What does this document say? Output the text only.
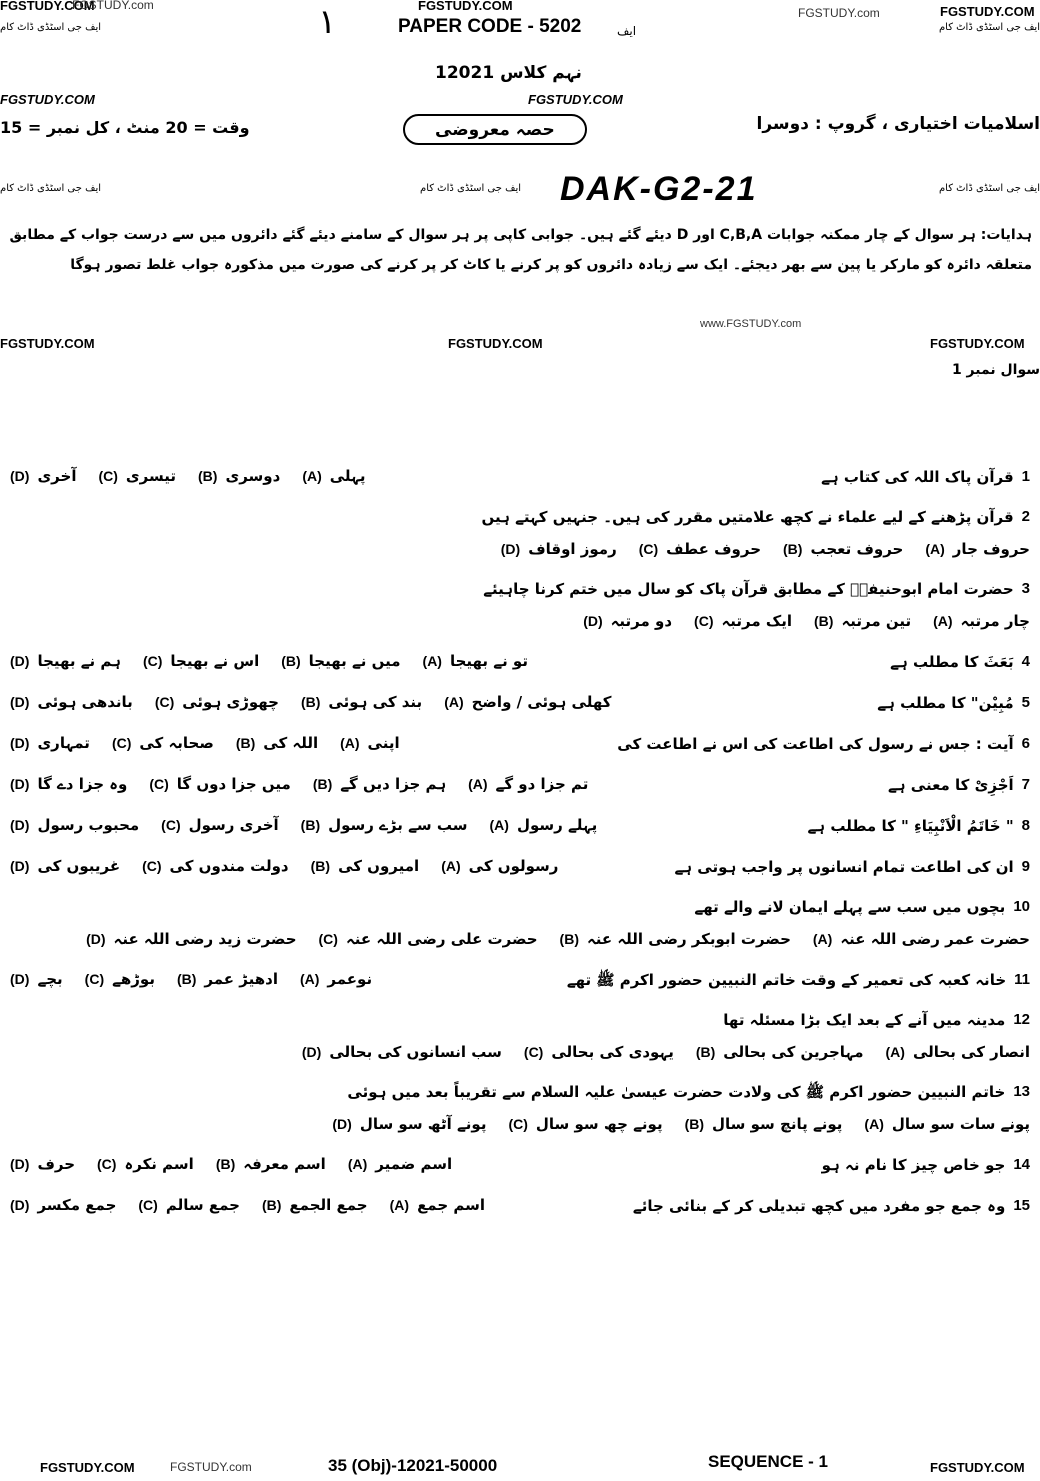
FGSTUDY.COM	FGSTUDY.COM	FGSTUDY.COM
FGSTUDY.com
FGSTUDY.com
ایف جی اسٹڈی ڈاٹ کام	ایف جی اسٹڈی ڈاٹ کام
FGSTUDY.COM	FGSTUDY.COM
ایف جی اسٹڈی ڈاٹ کام	ایف جی اسٹڈی ڈاٹ کام	ایف جی اسٹڈی ڈاٹ کام
www.FGSTUDY.com
FGSTUDY.COM	FGSTUDY.COM	FGSTUDY.COM
FGSTUDY.com
FGSTUDY.COM	FGSTUDY.COM
۱	PAPER CODE - 5202	ایف
نہم کلاس 12021
اسلامیات اختیاری ، گروپ : دوسرا
حصہ معروضی
وقت = 20 منٹ ، کل نمبر = 15
DAK-G2-21
ہدایات: ہر سوال کے چار ممکنہ جوابات C,B,A اور D دیئے گئے ہیں۔ جوابی کاپی پر ہر سوال کے سامنے دیئے گئے دائروں میں سے درست جواب کے مطابق متعلقہ دائرہ کو مارکر یا پین سے بھر دیجئے۔ ایک سے زیادہ دائروں کو پر کرنے یا کاٹ کر پر کرنے کی صورت میں مذکورہ جواب غلط تصور ہوگا
سوال نمبر 1
1
قرآن پاک اللہ کی کتاب ہے
پہلی
(A)
دوسری
(B)
تیسری
(C)
آخری
(D)
2
قرآن پڑھنے کے لیے علماء نے کچھ علامتیں مقرر کی ہیں۔ جنہیں کہتے ہیں
حروف جار
(A)
حروف تعجب
(B)
حروف عطف
(C)
رموز اوقاف
(D)
3
حضرت امام ابوحنیفہؒ کے مطابق قرآن پاک کو سال میں ختم کرنا چاہیئے
چار مرتبہ
(A)
تین مرتبہ
(B)
ایک مرتبہ
(C)
دو مرتبہ
(D)
4
بَعَثَ کا مطلب ہے
تو نے بھیجا
(A)
میں نے بھیجا
(B)
اس نے بھیجا
(C)
ہم نے بھیجا
(D)
5
مُبِیْن" کا مطلب ہے
کھلی ہوئی / واضح
(A)
بند کی ہوئی
(B)
چھوڑی ہوئی
(C)
باندھی ہوئی
(D)
6
آیت : جس نے رسول کی اطاعت کی اس نے اطاعت کی
اپنی
(A)
اللہ کی
(B)
صحابہ کی
(C)
تمہاری
(D)
7
اَجْزِیْ کا معنی ہے
تم جزا دو گے
(A)
ہم جزا دیں گے
(B)
میں جزا دوں گا
(C)
وہ جزا دے گا
(D)
8
" خَاتَمُ الْاَنْبِیَاءِ " کا مطلب ہے
پہلے رسول
(A)
سب سے بڑے رسول
(B)
آخری رسول
(C)
محبوب رسول
(D)
9
ان کی اطاعت تمام انسانوں پر واجب ہوتی ہے
رسولوں کی
(A)
امیروں کی
(B)
دولت مندوں کی
(C)
غریبوں کی
(D)
10
بچوں میں سب سے پہلے ایمان لانے والے تھے
حضرت عمر رضی اللہ عنہ
(A)
حضرت ابوبکر رضی اللہ عنہ
(B)
حضرت علی رضی اللہ عنہ
(C)
حضرت زید رضی اللہ عنہ
(D)
11
خانہ کعبہ کی تعمیر کے وقت خاتم النبیین حضور اکرم ﷺ تھے
نوعمر
(A)
ادھیڑ عمر
(B)
بوڑھے
(C)
بچے
(D)
12
مدینہ میں آنے کے بعد ایک بڑا مسئلہ تھا
انصار کی بحالی
(A)
مہاجرین کی بحالی
(B)
یہودی کی بحالی
(C)
سب انسانوں کی بحالی
(D)
13
خاتم النبیین حضور اکرم ﷺ کی ولادت حضرت عیسیٰ علیہ السلام سے تقریباً بعد میں ہوئی
پونے سات سو سال
(A)
پونے پانچ سو سال
(B)
پونے چھ سو سال
(C)
پونے آٹھ سو سال
(D)
14
جو خاص چیز کا نام نہ ہو
اسم ضمیر
(A)
اسم معرفہ
(B)
اسم نکرہ
(C)
حرف
(D)
15
وہ جمع جو مفرد میں کچھ تبدیلی کر کے بنائی جائے
اسم جمع
(A)
جمع الجمع
(B)
جمع سالم
(C)
جمع مکسر
(D)
35 (Obj)-12021-50000	SEQUENCE - 1
